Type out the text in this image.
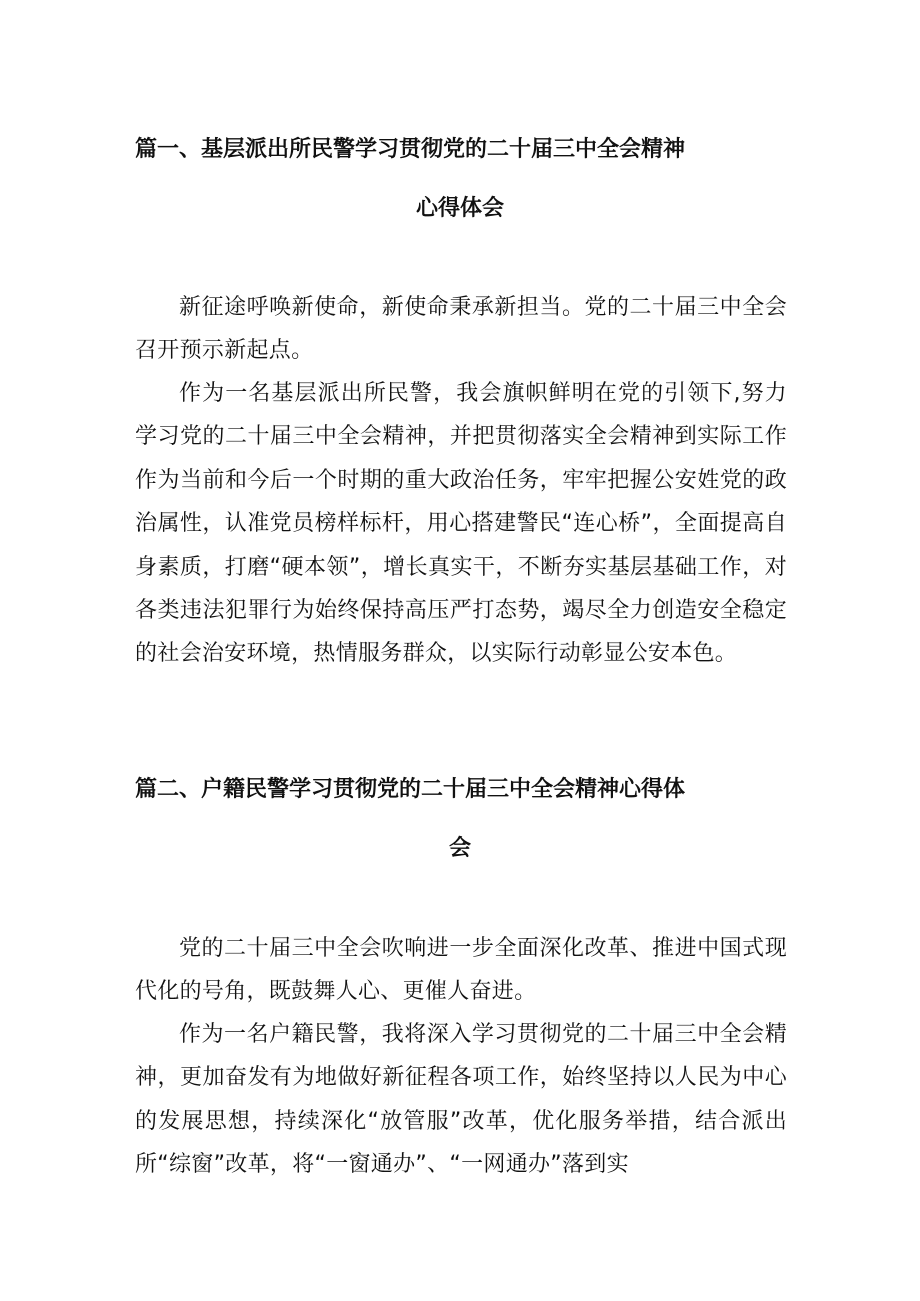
篇一、基层派出所民警学习贯彻党的二十届三中全会精神
心得体会

新征途呼唤新使命，新使命秉承新担当。党的二十届三中全会召开预示新起点。

作为一名基层派出所民警，我会旗帜鲜明在党的引领下,努力学习党的二十届三中全会精神，并把贯彻落实全会精神到实际工作作为当前和今后一个时期的重大政治任务，牢牢把握公安姓党的政治属性，认准党员榜样标杆，用心搭建警民“连心桥”，全面提高自身素质，打磨“硬本领”，增长真实干，不断夯实基层基础工作，对各类违法犯罪行为始终保持高压严打态势，竭尽全力创造安全稳定的社会治安环境，热情服务群众，以实际行动彰显公安本色。

篇二、户籍民警学习贯彻党的二十届三中全会精神心得体
会

党的二十届三中全会吹响进一步全面深化改革、推进中国式现代化的号角，既鼓舞人心、更催人奋进。

作为一名户籍民警，我将深入学习贯彻党的二十届三中全会精神，更加奋发有为地做好新征程各项工作，始终坚持以人民为中心的发展思想，持续深化“放管服”改革，优化服务举措，结合派出所“综窗”改革，将“一窗通办”、“一网通办”落到实
